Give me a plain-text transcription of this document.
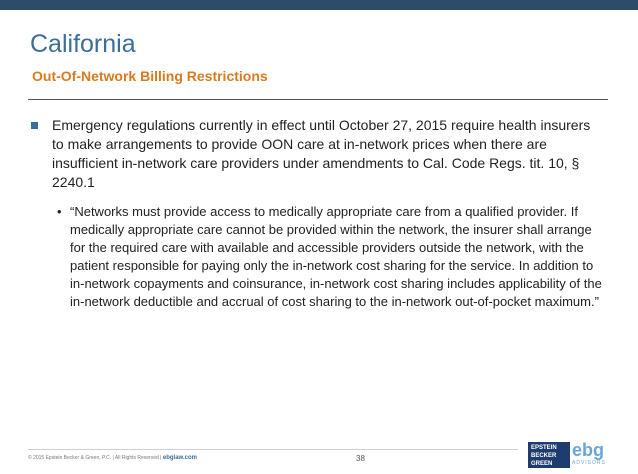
California
Out-Of-Network Billing Restrictions
Emergency regulations currently in effect until October 27, 2015 require health insurers to make arrangements to provide OON care at in-network prices when there are insufficient in-network care providers under amendments to Cal. Code Regs. tit. 10, § 2240.1
• “Networks must provide access to medically appropriate care from a qualified provider. If medically appropriate care cannot be provided within the network, the insurer shall arrange for the required care with available and accessible providers outside the network, with the patient responsible for paying only the in-network cost sharing for the service. In addition to in-network copayments and coinsurance, in-network cost sharing includes applicability of the in-network deductible and accrual of cost sharing to the in-network out-of-pocket maximum.”
© 2015 Epstein Becker & Green, P.C. | All Rights Reserved | ebglaw.com	38
EPSTEIN BECKER GREEN
ebg
ADVISORS
